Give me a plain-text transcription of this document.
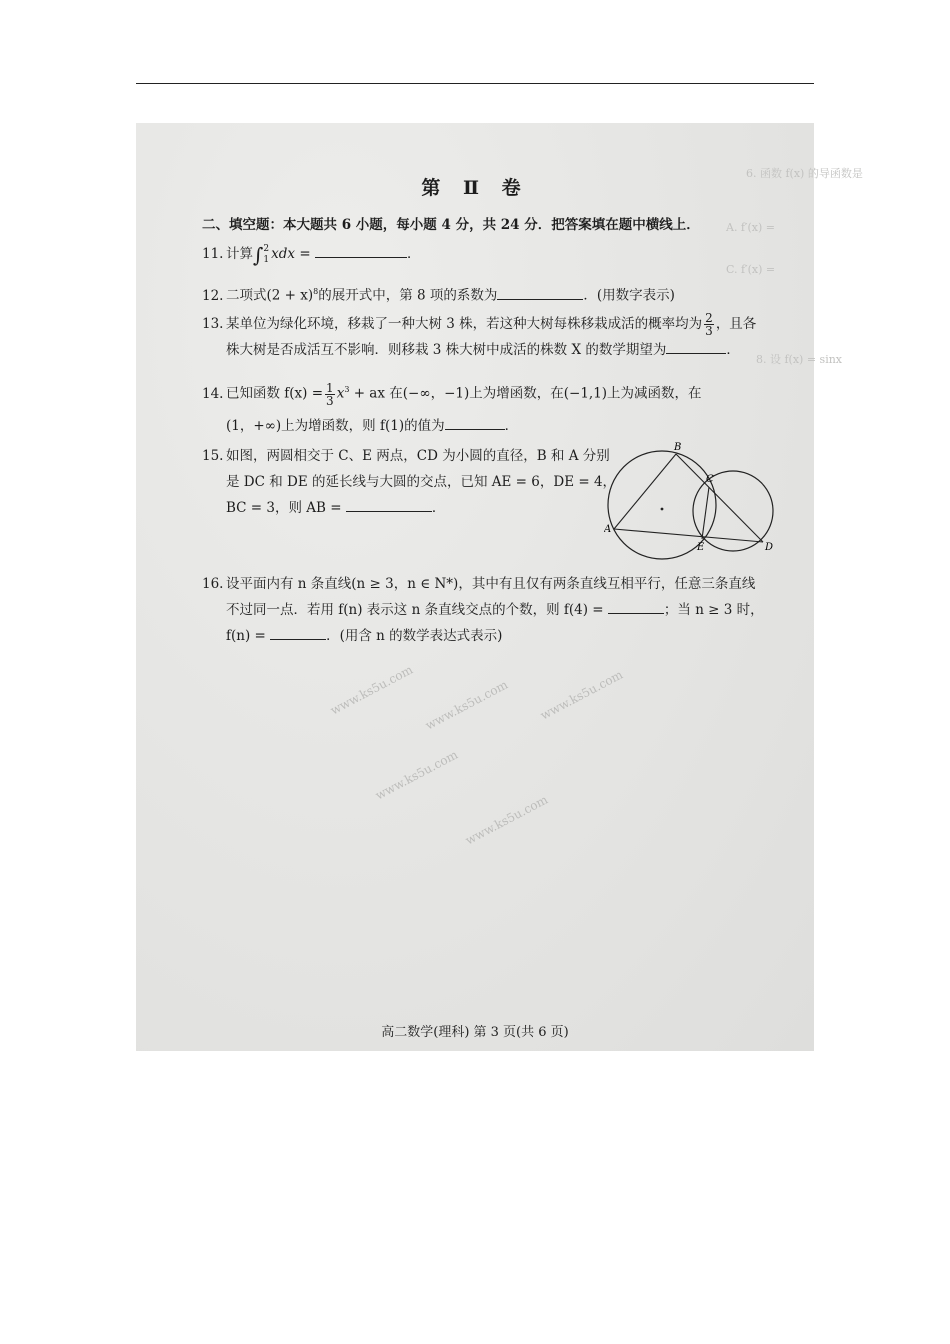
6. 函数 f(x) 的导函数是
A. f′(x) =
C. f′(x) =
8. 设 f(x) = sinx
第 Ⅱ 卷
二、填空题：本大题共 6 小题，每小题 4 分，共 24 分．把答案填在题中横线上．
11. 计算∫ 2
1 xdx =	．
12. 二项式$(2 + x)^8$的展开式中，第 8 项的系数为	．(用数字表示)
13. 某单位为绿化环境，移栽了一种大树 3 株，若这种大树每株移栽成活的概率均为 $\frac{2}{3}$ ，且各
株大树是否成活互不影响．则移栽 3 株大树中成活的株数 X 的数学期望为	．
14. 已知函数 $f(x) = \frac{1}{3} x^3$ + ax 在(−∞，−1)上为增函数，在(−1,1)上为减函数，在
(1，+∞)上为增函数，则 f(1)的值为	．
15. 如图，两圆相交于 C、E 两点，CD 为小圆的直径，B 和 A 分别
是 DC 和 DE 的延长线与大圆的交点，已知 AE = 6，DE = 4，
BC = 3，则 AB =	．
A
B
C
D
E
16. 设平面内有 n 条直线(n ≥ 3，n ∈ N*)，其中有且仅有两条直线互相平行，任意三条直线
不过同一点．若用 f(n) 表示这 n 条直线交点的个数，则 f(4) =	；当 n ≥ 3 时，
f(n) =	．(用含 n 的数学表达式表示)
www.ks5u.com www.ks5u.com www.ks5u.com
www.ks5u.com
www.ks5u.com
高二数学(理科) 第 3 页(共 6 页)
